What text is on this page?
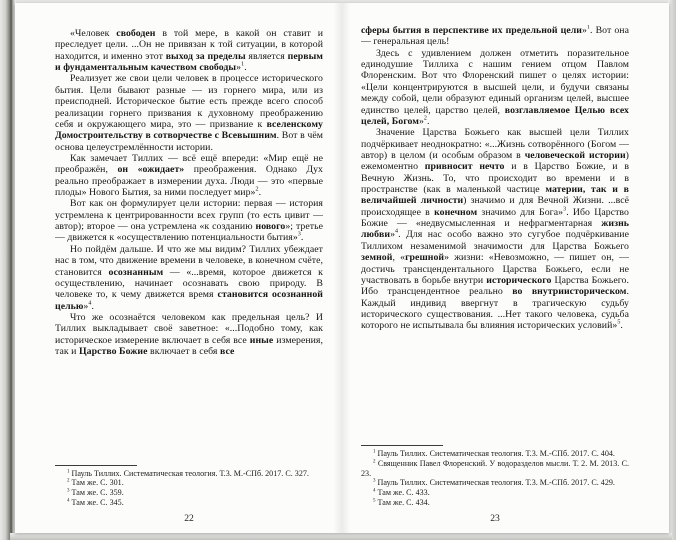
«Человек свободен в той мере, в какой он ставит и преследует цели. ...Он не привязан к той ситуации, в которой находится, и именно этот выход за пределы является первым и фундаментальным качеством свободы»$^1$.

Реализует же свои цели человек в процессе исторического бытия. Цели бывают разные — из горнего мира, или из преисподней. Историческое бытие есть прежде всего способ реализации горнего призвания к духовному преображению себя и окружающего мира, это — призвание к вселенскому Домостроительству в сотворчестве с Всевышним. Вот в чём основа целеустремлённости истории.

Как замечает Тиллих — всё ещё впереди: «Мир ещё не преображён, он «ожидает» преображения. Однако Дух реально преображает в измерении духа. Люди — это «первые плоды» Нового Бытия, за ними последует мир»$^2$.

Вот как он формулирует цели истории: первая — история устремлена к центрированности всех групп (то есть цивит — автор); второе — она устремлена «к созданию нового»; третье — движется к «осуществлению потенциальности бытия»$^3$.

Но пойдём дальше. И что же мы видим? Тиллих убеждает нас в том, что движение времени в человеке, в конечном счёте, становится осознанным — «...время, которое движется к осуществлению, начинает осознавать свою природу. В человеке то, к чему движется время становится осознанной целью»$^4$.

Что же осознаётся человеком как предельная цель? И Тиллих выкладывает своё заветное: «...Подобно тому, как историческое измерение включает в себя все иные измерения, так и Царство Божие включает в себя все

$^1$ Пауль Тиллих. Систематическая теология. Т.3. М.-СПб. 2017. С. 327.

$^2$ Там же. С. 301.

$^3$ Там же. С. 359.

$^4$ Там же. С. 345.

22

сферы бытия в перспективе их предельной цели»$^1$. Вот она — генеральная цель!

Здесь с удивлением должен отметить поразительное единодушие Тиллиха с нашим гением отцом Павлом Флоренским. Вот что Флоренский пишет о целях истории: «Цели концентрируются в высшей цели, и будучи связаны между собой, цели образуют единый организм целей, высшее единство целей, царство целей, возглавляемое Целью всех целей, Богом»$^2$.

Значение Царства Божьего как высшей цели Тиллих подчёркивает неоднократно: «...Жизнь сотворённого (Богом — автор) в целом (и особым образом в человеческой истории) ежемоментно привносит нечто и в Царство Божие, и в Вечную Жизнь. То, что происходит во времени и в пространстве (как в маленькой частице материи, так и в величайшей личности) значимо и для Вечной Жизни. ...всё происходящее в конечном значимо для Бога»$^3$. Ибо Царство Божие — «недвусмысленная и нефрагментарная жизнь любви»$^4$. Для нас особо важно это сугубое подчёркивание Тиллихом незаменимой значимости для Царства Божьего земной, «грешной» жизни: «Невозможно, — пишет он, — достичь трансцендентального Царства Божьего, если не участвовать в борьбе внутри исторического Царства Божьего. Ибо трансцендентное реально во внутриисторическом. Каждый индивид ввергнут в трагическую судьбу исторического существования. ...Нет такого человека, судьба которого не испытывала бы влияния исторических условий»$^5$.

$^1$ Пауль Тиллих. Систематическая теология. Т.3. М.-СПб. 2017. С. 404.

$^2$ Священник Павел Флоренский. У водоразделов мысли. Т. 2. М. 2013. С. 23.

$^3$ Пауль Тиллих. Систематическая теология. Т.3. М.-СПб. 2017. С. 429.

$^4$ Там же. С. 433.

$^5$ Там же. С. 434.

23
